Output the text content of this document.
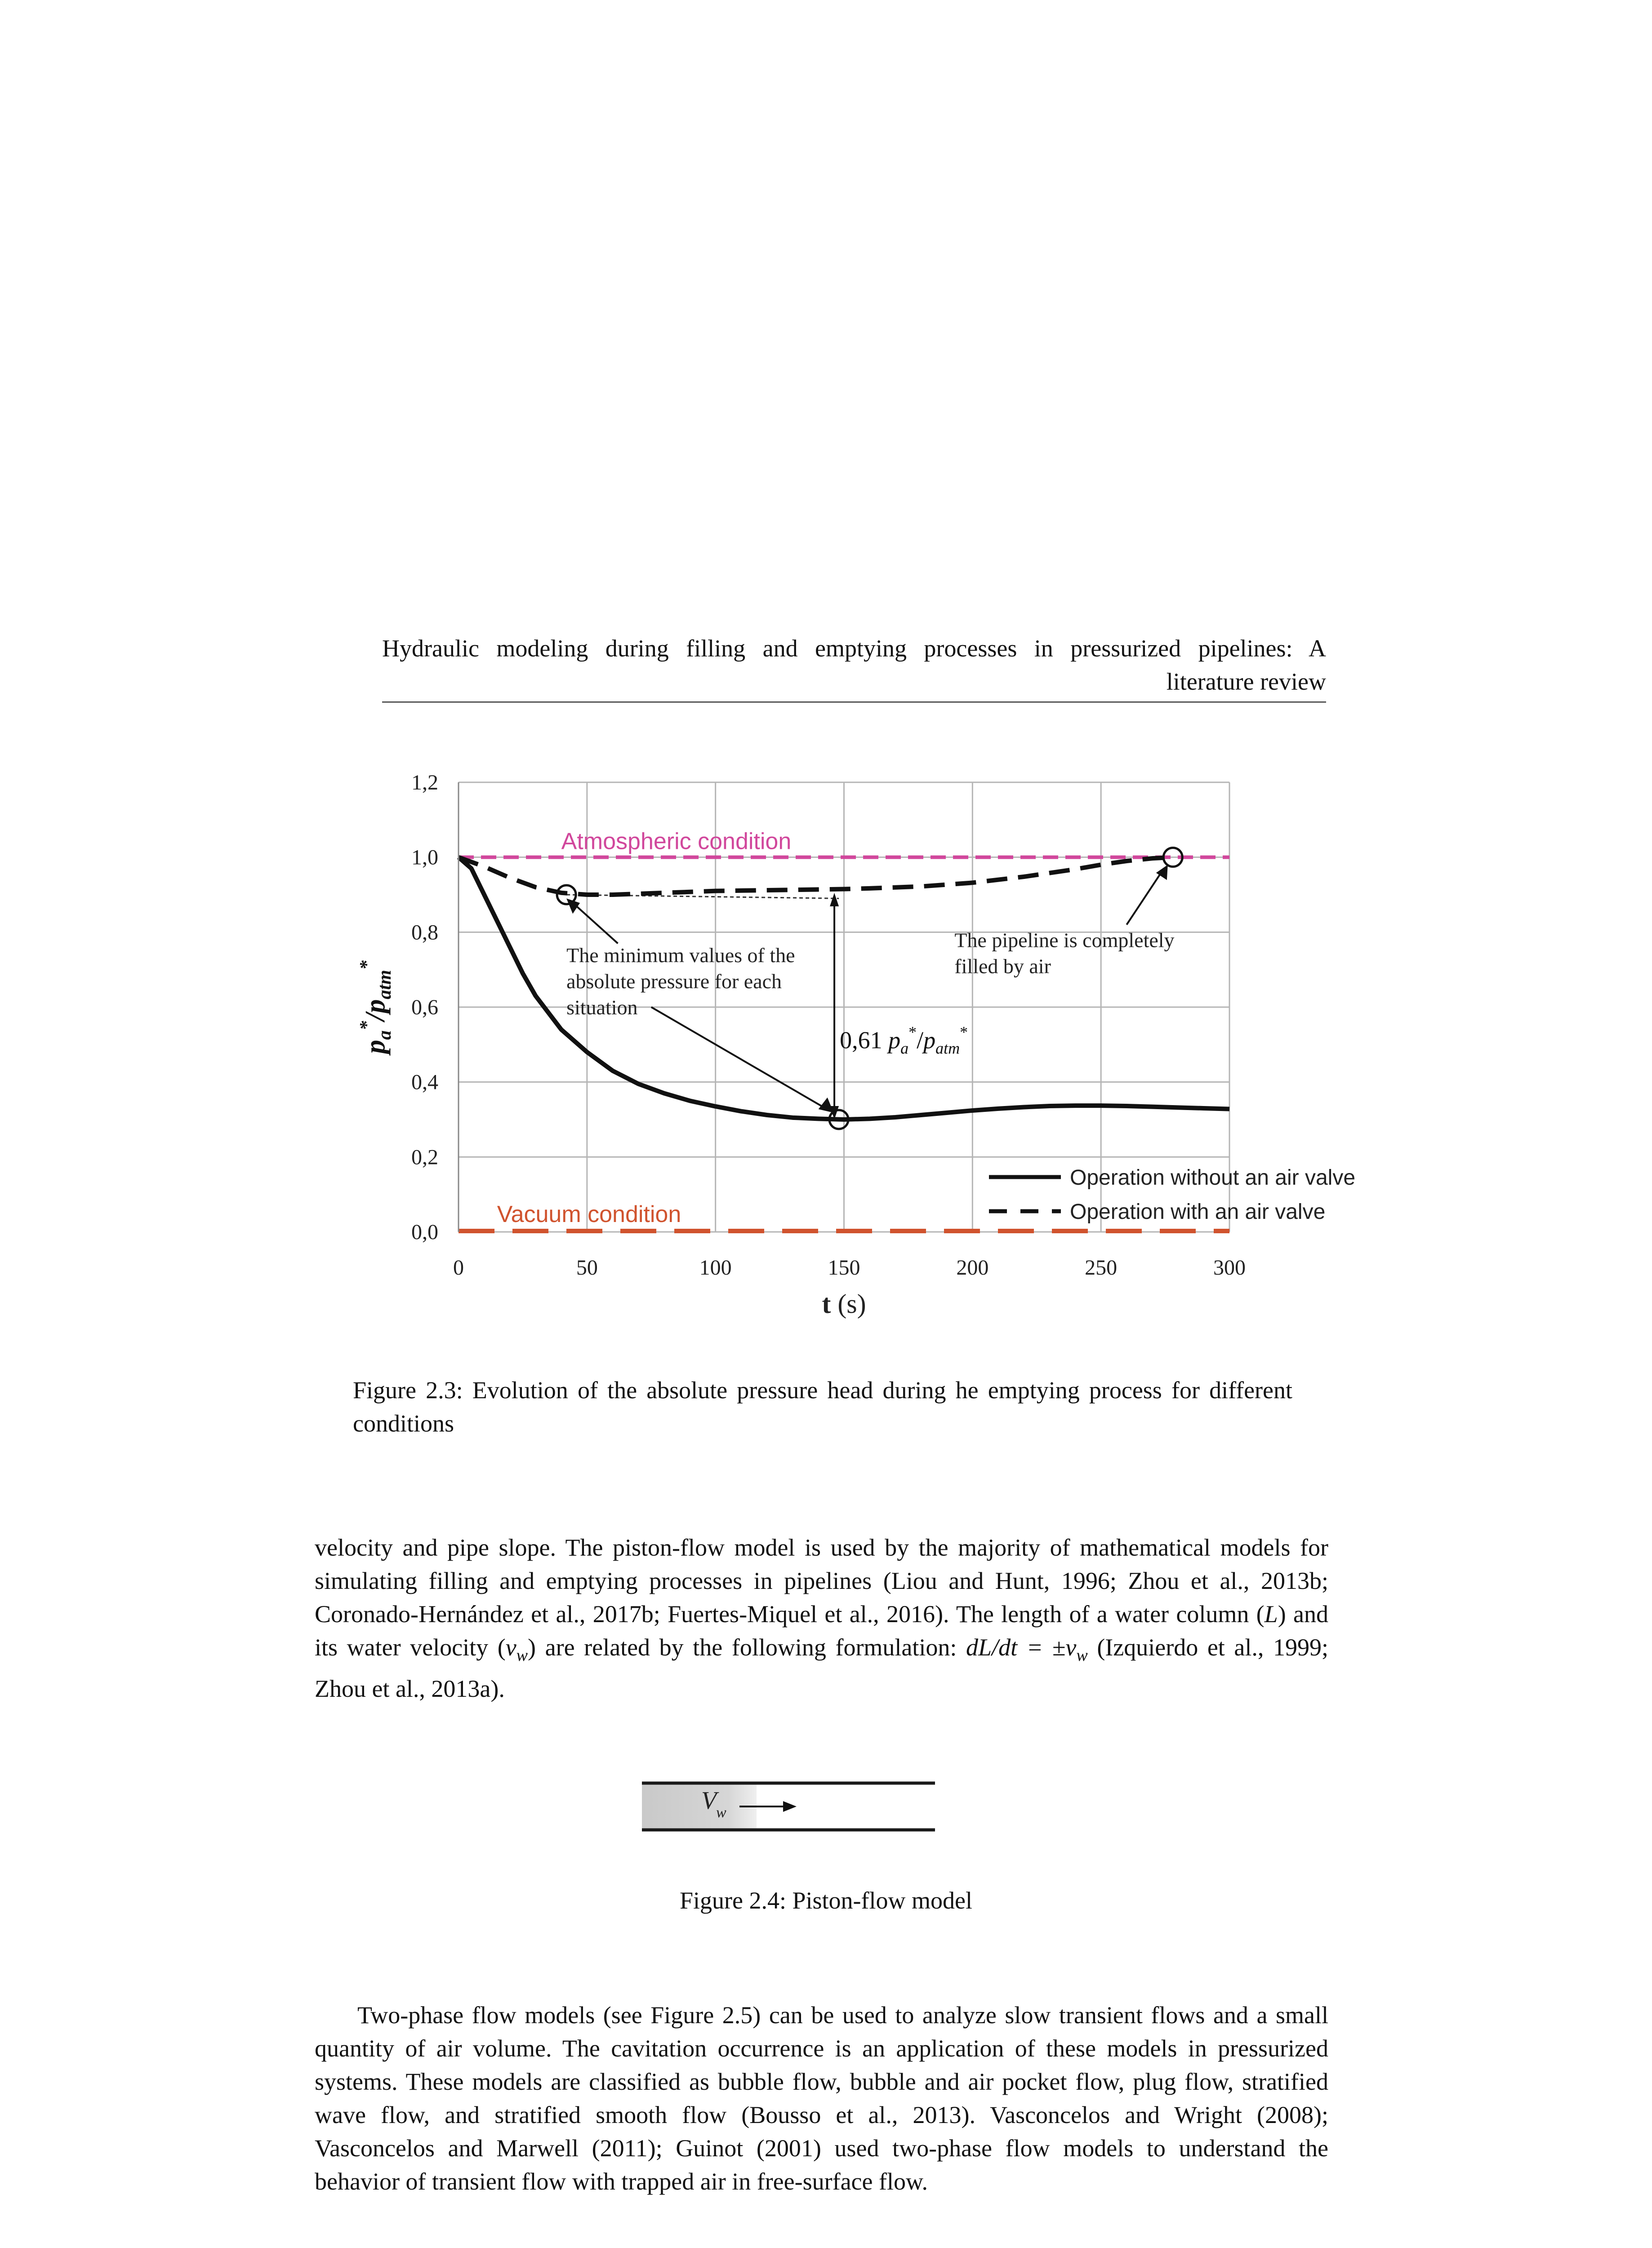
Hydraulic modeling during filling and emptying processes in pressurized pipelines: A
literature review
0,0
0,2
0,4
0,6
0,8
1,0
1,2
0	50	100	150	200	250	300
t (s)
$p_a^*/p_{atm}^*$
Atmospheric condition
Vacuum condition
0,61 $p_a^*/p_{atm}^*$
The minimum values of the absolute pressure for each situation
The pipeline is completely filled by air
Operation without an air valve
Operation with an air valve
Figure 2.3: Evolution of the absolute pressure head during he emptying process for different conditions
velocity and pipe slope. The piston-flow model is used by the majority of mathematical models for simulating filling and emptying processes in pipelines (Liou and Hunt, 1996; Zhou et al., 2013b; Coronado-Hernández et al., 2017b; Fuertes-Miquel et al., 2016). The length of a water column (L) and its water velocity $(v_w)$ are related by the following formulation: $dL/dt = \pm v_w$ (Izquierdo et al., 1999; Zhou et al., 2013a).
V
w
Figure 2.4: Piston-flow model
Two-phase flow models (see Figure 2.5) can be used to analyze slow transient flows and a small quantity of air volume. The cavitation occurrence is an application of these models in pressurized systems. These models are classified as bubble flow, bubble and air pocket flow, plug flow, stratified wave flow, and stratified smooth flow (Bousso et al., 2013). Vasconcelos and Wright (2008); Vasconcelos and Marwell (2011); Guinot (2001) used two-phase flow models to understand the behavior of transient flow with trapped air in free-surface flow.
